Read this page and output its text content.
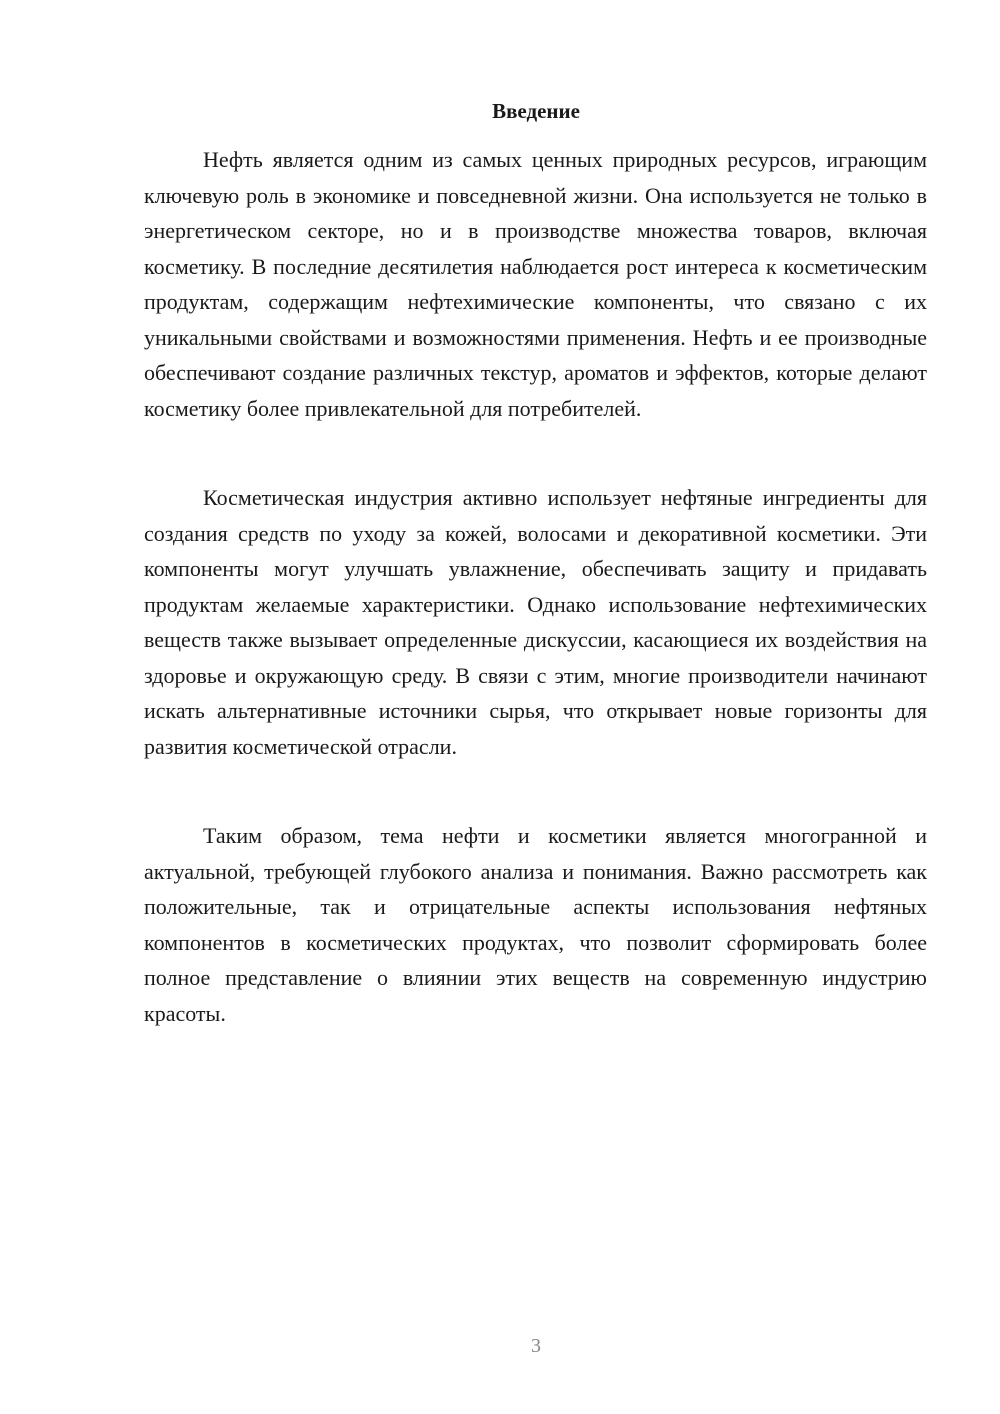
Введение

Нефть является одним из самых ценных природных ресурсов, играющим ключевую роль в экономике и повседневной жизни. Она используется не только в энергетическом секторе, но и в производстве множества товаров, включая косметику. В последние десятилетия наблюдается рост интереса к косметическим продуктам, содержащим нефтехимические компоненты, что связано с их уникальными свойствами и возможностями применения. Нефть и ее производные обеспечивают создание различных текстур, ароматов и эффектов, которые делают косметику более привлекательной для потребителей.

Косметическая индустрия активно использует нефтяные ингредиенты для создания средств по уходу за кожей, волосами и декоративной косметики. Эти компоненты могут улучшать увлажнение, обеспечивать защиту и придавать продуктам желаемые характеристики. Однако использование нефтехимических веществ также вызывает определенные дискуссии, касающиеся их воздействия на здоровье и окружающую среду. В связи с этим, многие производители начинают искать альтернативные источники сырья, что открывает новые горизонты для развития косметической отрасли.

Таким образом, тема нефти и косметики является многогранной и актуальной, требующей глубокого анализа и понимания. Важно рассмотреть как положительные, так и отрицательные аспекты использования нефтяных компонентов в косметических продуктах, что позволит сформировать более полное представление о влиянии этих веществ на современную индустрию красоты.

3
